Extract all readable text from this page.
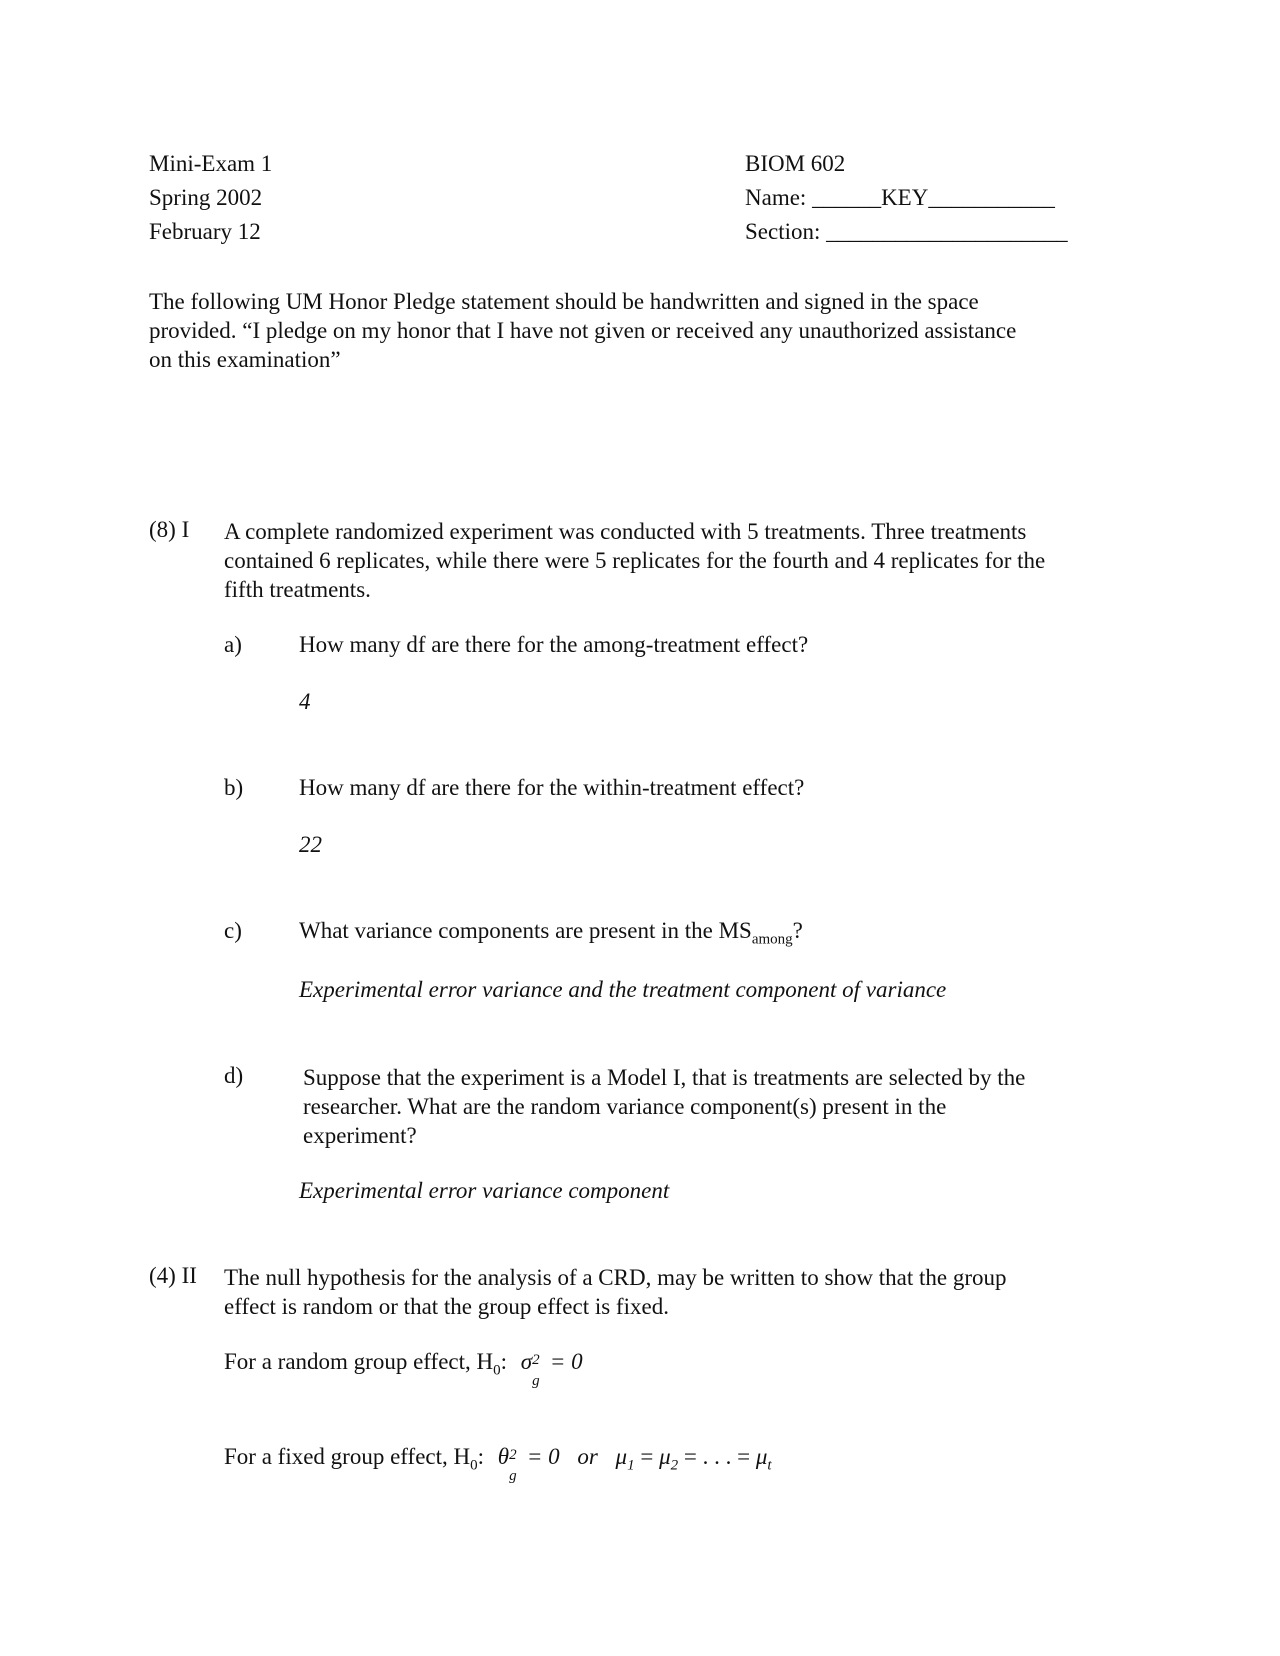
Mini-Exam 1
Spring 2002
February 12
BIOM 602
Name: ______KEY___________
Section: _____________________
The following UM Honor Pledge statement should be handwritten and signed in the space
provided. “I pledge on my honor that I have not given or received any unauthorized assistance
on this examination”
(8) I A complete randomized experiment was conducted with 5 treatments. Three treatments
contained 6 replicates, while there were 5 replicates for the fourth and 4 replicates for the
fifth treatments.
a) How many df are there for the among-treatment effect?
4
b) How many df are there for the within-treatment effect?
22
c) What variance components are present in the $MS_{among}$?
Experimental error variance and the treatment component of variance
d)	Suppose that the experiment is a Model I, that is treatments are selected by the
researcher. What are the random variance component(s) present in the
experiment?
Experimental error variance component
(4) II The null hypothesis for the analysis of a CRD, may be written to show that the group
effect is random or that the group effect is fixed.
For a random group effect, $H_0$: σ 2
g
= 0
For a fixed group effect, $H_0$: θ 2
g
= 0 or $\mu_1 = \mu_2$ = . . . = $\mu_t$
